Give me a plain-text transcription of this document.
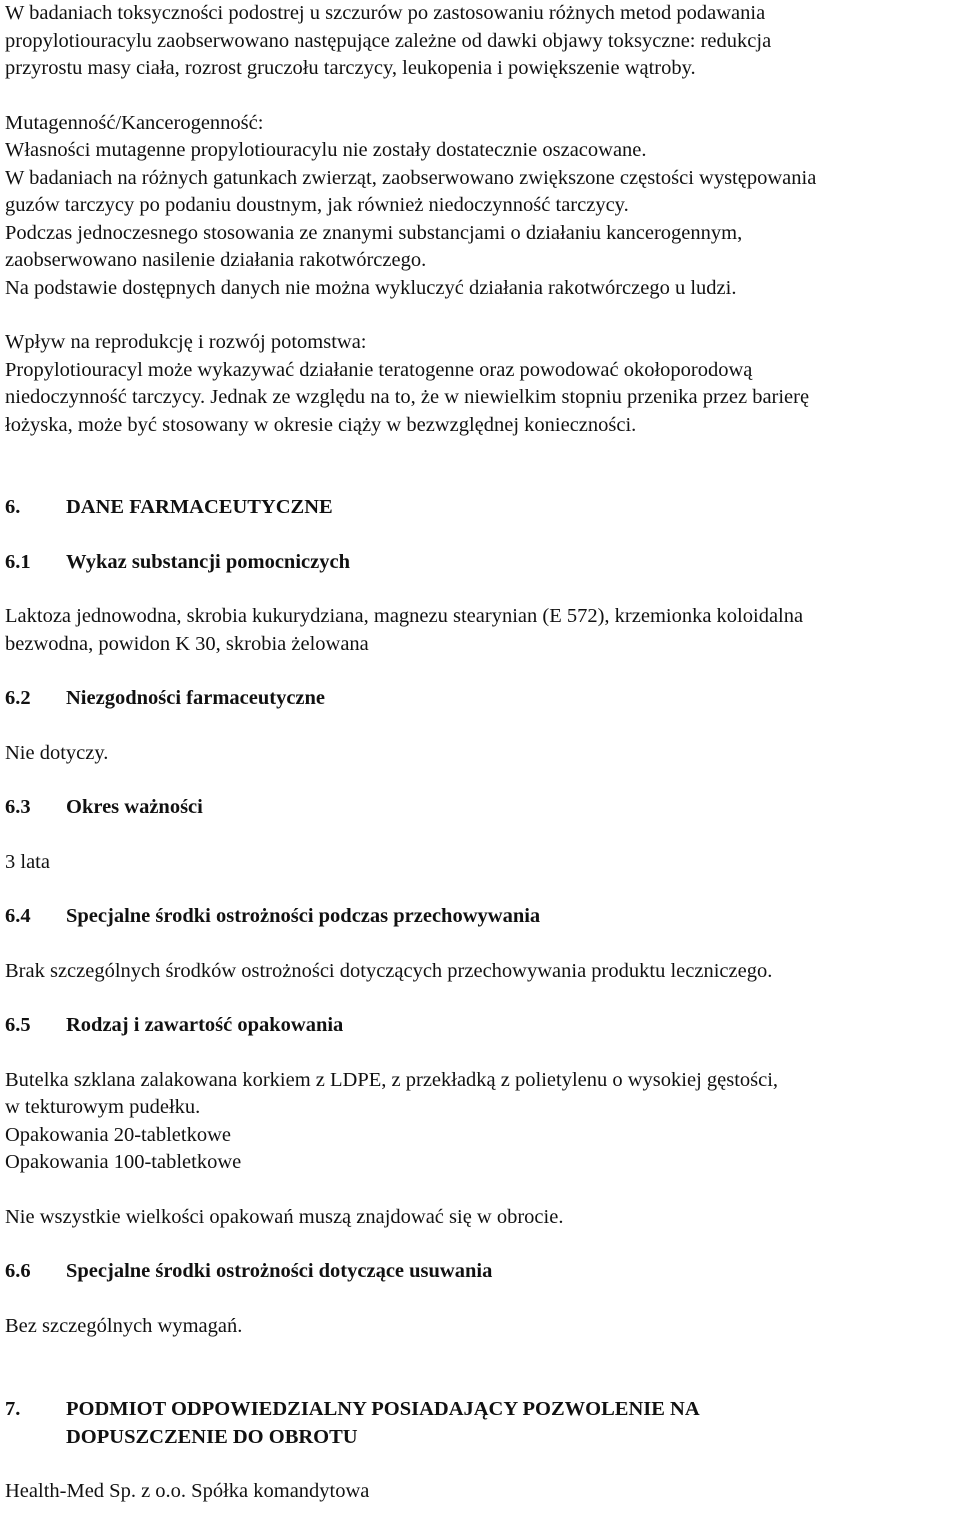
W badaniach toksyczności podostrej u szczurów po zastosowaniu różnych metod podawania
propylotiouracylu zaobserwowano następujące zależne od dawki objawy toksyczne: redukcja
przyrostu masy ciała, rozrost gruczołu tarczycy, leukopenia i powiększenie wątroby.
Mutagenność/Kancerogenność:
Własności mutagenne propylotiouracylu nie zostały dostatecznie oszacowane.
W badaniach na różnych gatunkach zwierząt, zaobserwowano zwiększone częstości występowania
guzów tarczycy po podaniu doustnym, jak również niedoczynność tarczycy.
Podczas jednoczesnego stosowania ze znanymi substancjami o działaniu kancerogennym,
zaobserwowano nasilenie działania rakotwórczego.
Na podstawie dostępnych danych nie można wykluczyć działania rakotwórczego u ludzi.
Wpływ na reprodukcję i rozwój potomstwa:
Propylotiouracyl może wykazywać działanie teratogenne oraz powodować okołoporodową
niedoczynność tarczycy. Jednak ze względu na to, że w niewielkim stopniu przenika przez barierę
łożyska, może być stosowany w okresie ciąży w bezwzględnej konieczności.
6. DANE FARMACEUTYCZNE
6.1 Wykaz substancji pomocniczych
Laktoza jednowodna, skrobia kukurydziana, magnezu stearynian (E 572), krzemionka koloidalna
bezwodna, powidon K 30, skrobia żelowana
6.2 Niezgodności farmaceutyczne
Nie dotyczy.
6.3 Okres ważności
3 lata
6.4 Specjalne środki ostrożności podczas przechowywania
Brak szczególnych środków ostrożności dotyczących przechowywania produktu leczniczego.
6.5 Rodzaj i zawartość opakowania
Butelka szklana zalakowana korkiem z LDPE, z przekładką z polietylenu o wysokiej gęstości,
w tekturowym pudełku.
Opakowania 20-tabletkowe
Opakowania 100-tabletkowe
Nie wszystkie wielkości opakowań muszą znajdować się w obrocie.
6.6 Specjalne środki ostrożności dotyczące usuwania
Bez szczególnych wymagań.
7. PODMIOT ODPOWIEDZIALNY POSIADAJĄCY POZWOLENIE NA
DOPUSZCZENIE DO OBROTU
Health-Med Sp. z o.o. Spółka komandytowa
